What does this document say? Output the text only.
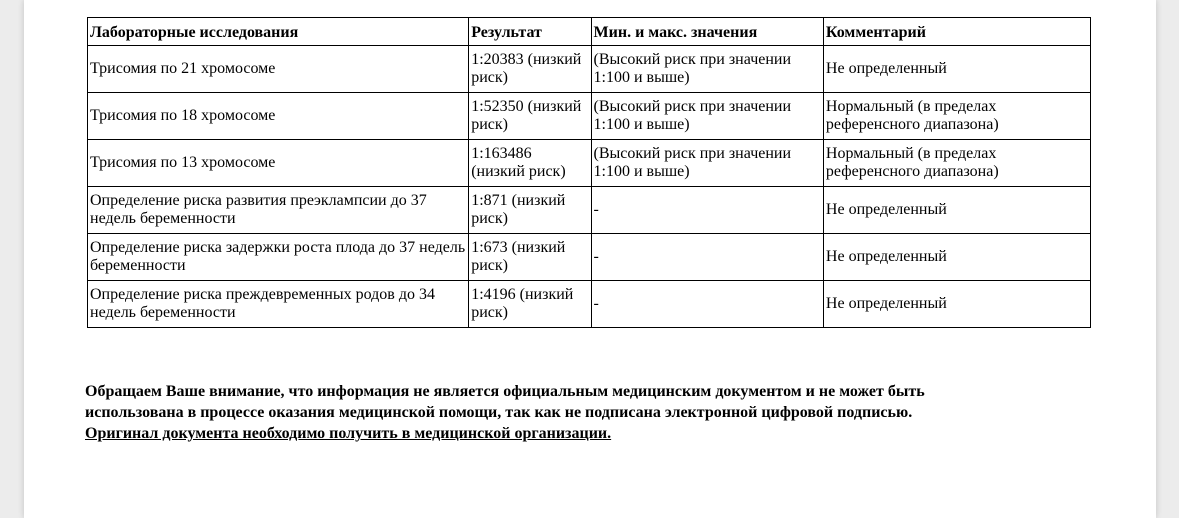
Лабораторные исследования	Результат	Мин. и макс. значения	Комментарий
Трисомия по 21 хромосоме	1:20383 (низкий риск)	(Высокий риск при значении 1:100 и выше)	Не определенный
Трисомия по 18 хромосоме	1:52350 (низкий риск)	(Высокий риск при значении 1:100 и выше)	Нормальный (в пределах референсного диапазона)
Трисомия по 13 хромосоме	1:163486 (низкий риск)	(Высокий риск при значении 1:100 и выше)	Нормальный (в пределах референсного диапазона)
Определение риска развития преэклампсии до 37 недель беременности	1:871 (низкий риск)	-	Не определенный
Определение риска задержки роста плода до 37 недель беременности	1:673 (низкий риск)	-	Не определенный
Определение риска преждевременных родов до 34 недель беременности	1:4196 (низкий риск)	-	Не определенный
Обращаем Ваше внимание, что информация не является официальным медицинским документом и не может быть
использована в процессе оказания медицинской помощи, так как не подписана электронной цифровой подписью.
Оригинал документа необходимо получить в медицинской организации.
